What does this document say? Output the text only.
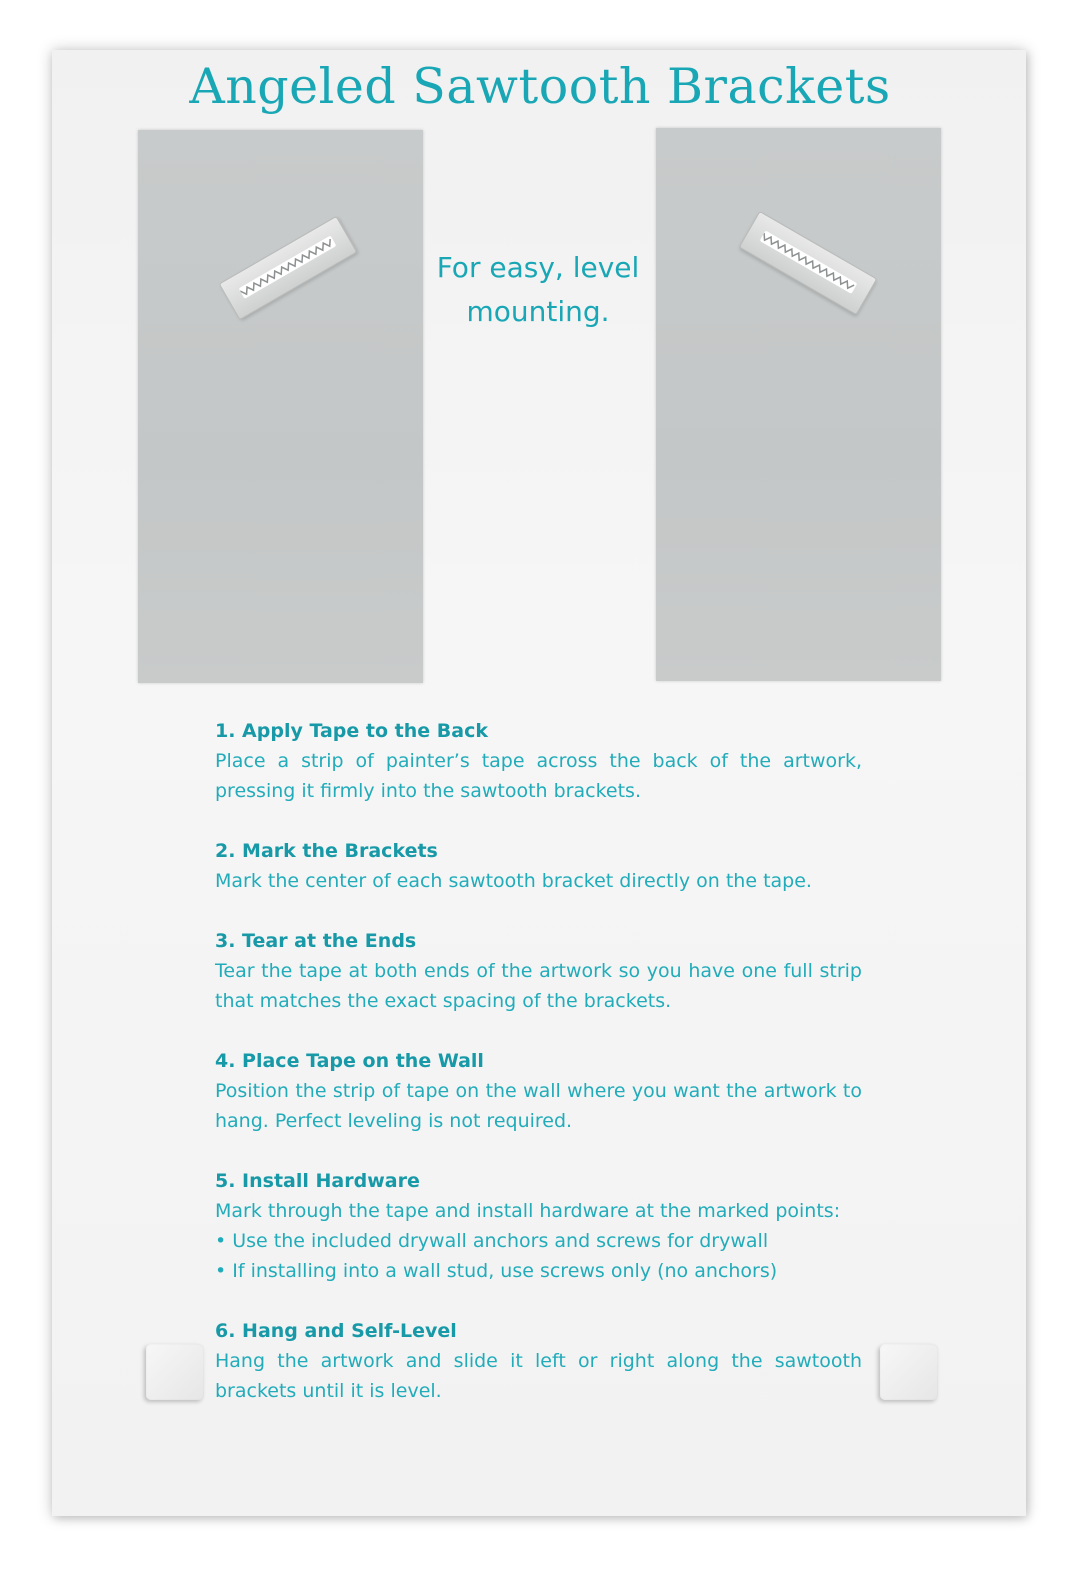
Angeled Sawtooth Brackets

For easy, level mounting.

1. Apply Tape to the Back

Place a strip of painter’s tape across the back of the artwork, pressing it firmly into the sawtooth brackets.

2. Mark the Brackets

Mark the center of each sawtooth bracket directly on the tape.

3. Tear at the Ends

Tear the tape at both ends of the artwork so you have one full strip that matches the exact spacing of the brackets.

4. Place Tape on the Wall

Position the strip of tape on the wall where you want the artwork to hang. Perfect leveling is not required.

5. Install Hardware

Mark through the tape and install hardware at the marked points:

• Use the included drywall anchors and screws for drywall
• If installing into a wall stud, use screws only (no anchors)

6. Hang and Self-Level

Hang the artwork and slide it left or right along the sawtooth brackets until it is level.
